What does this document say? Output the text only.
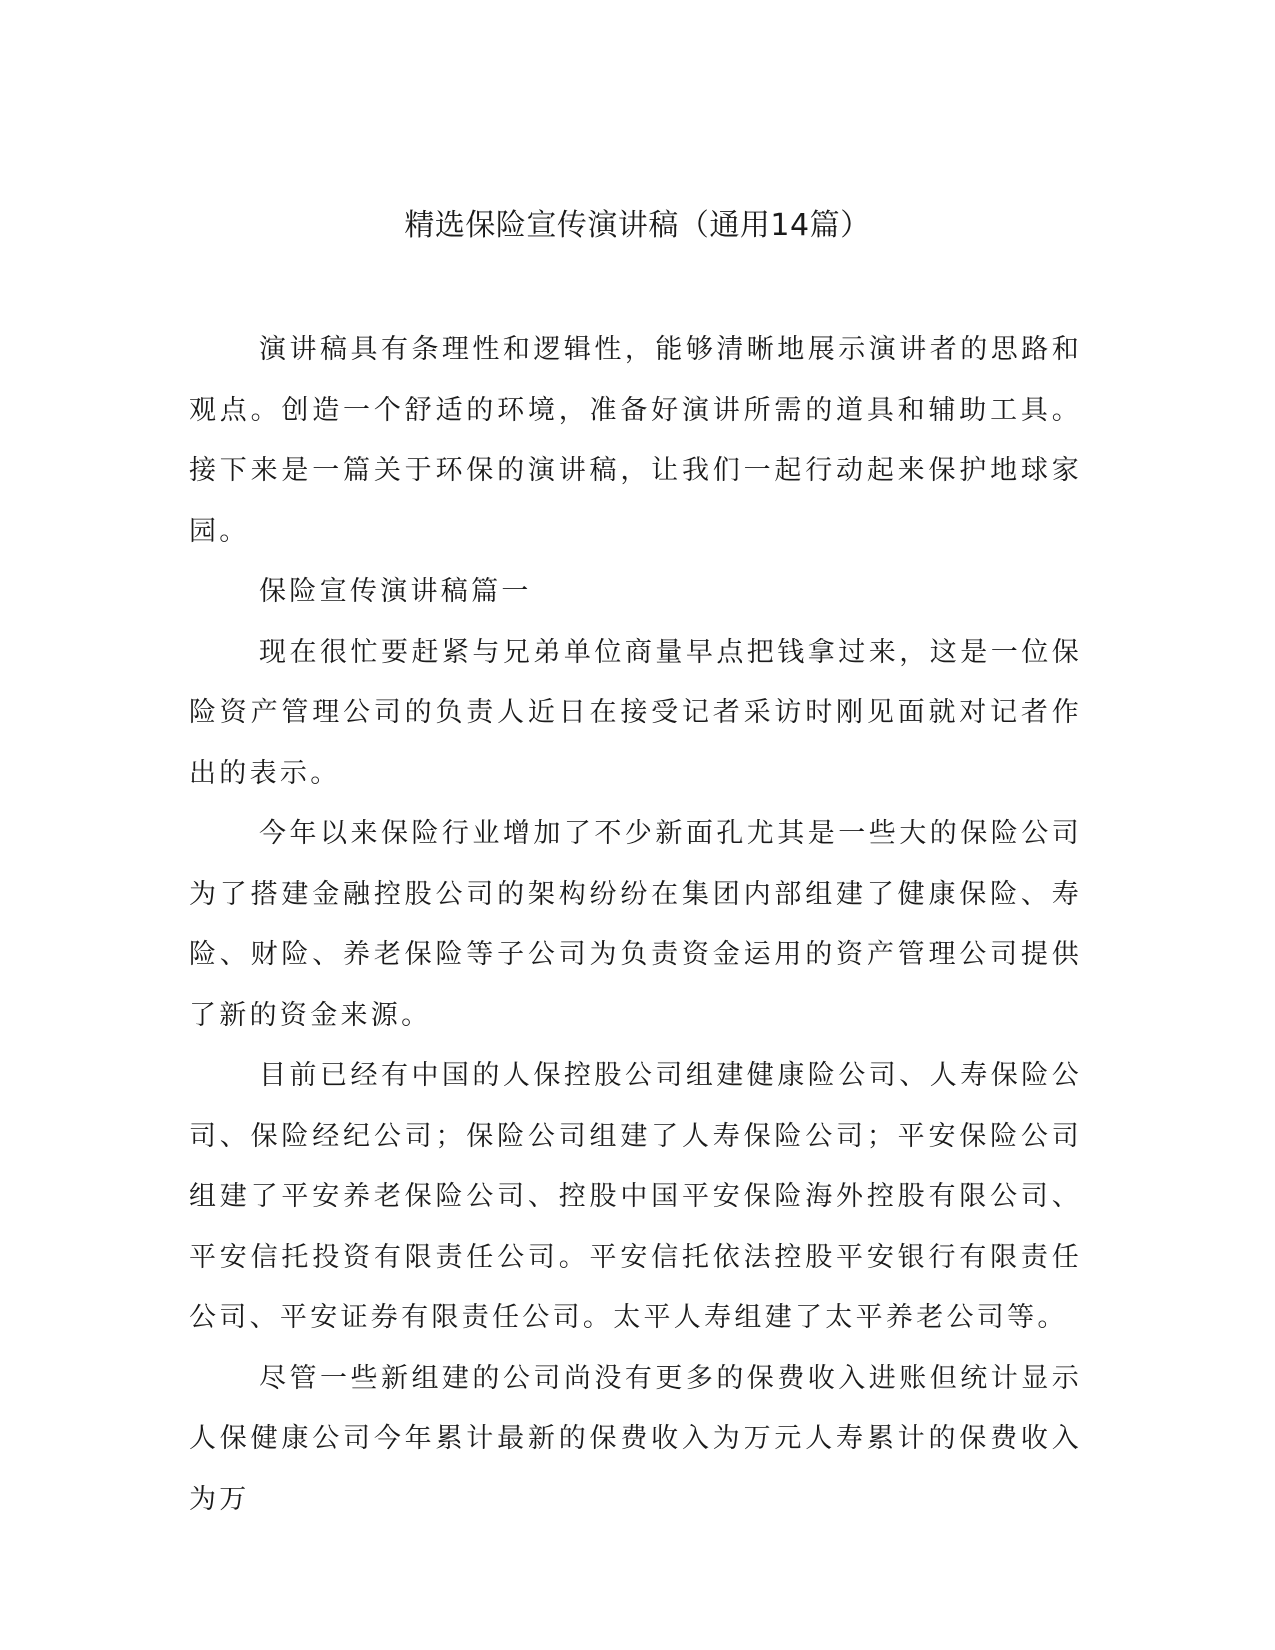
精选保险宣传演讲稿（通用14篇）

演讲稿具有条理性和逻辑性，能够清晰地展示演讲者的思路和观点。创造一个舒适的环境，准备好演讲所需的道具和辅助工具。接下来是一篇关于环保的演讲稿，让我们一起行动起来保护地球家园。

保险宣传演讲稿篇一

现在很忙要赶紧与兄弟单位商量早点把钱拿过来，这是一位保险资产管理公司的负责人近日在接受记者采访时刚见面就对记者作出的表示。

今年以来保险行业增加了不少新面孔尤其是一些大的保险公司为了搭建金融控股公司的架构纷纷在集团内部组建了健康保险、寿险、财险、养老保险等子公司为负责资金运用的资产管理公司提供了新的资金来源。

目前已经有中国的人保控股公司组建健康险公司、人寿保险公司、保险经纪公司；保险公司组建了人寿保险公司；平安保险公司组建了平安养老保险公司、控股中国平安保险海外控股有限公司、平安信托投资有限责任公司。平安信托依法控股平安银行有限责任公司、平安证券有限责任公司。太平人寿组建了太平养老公司等。

尽管一些新组建的公司尚没有更多的保费收入进账但统计显示人保健康公司今年累计最新的保费收入为万元人寿累计的保费收入为万
